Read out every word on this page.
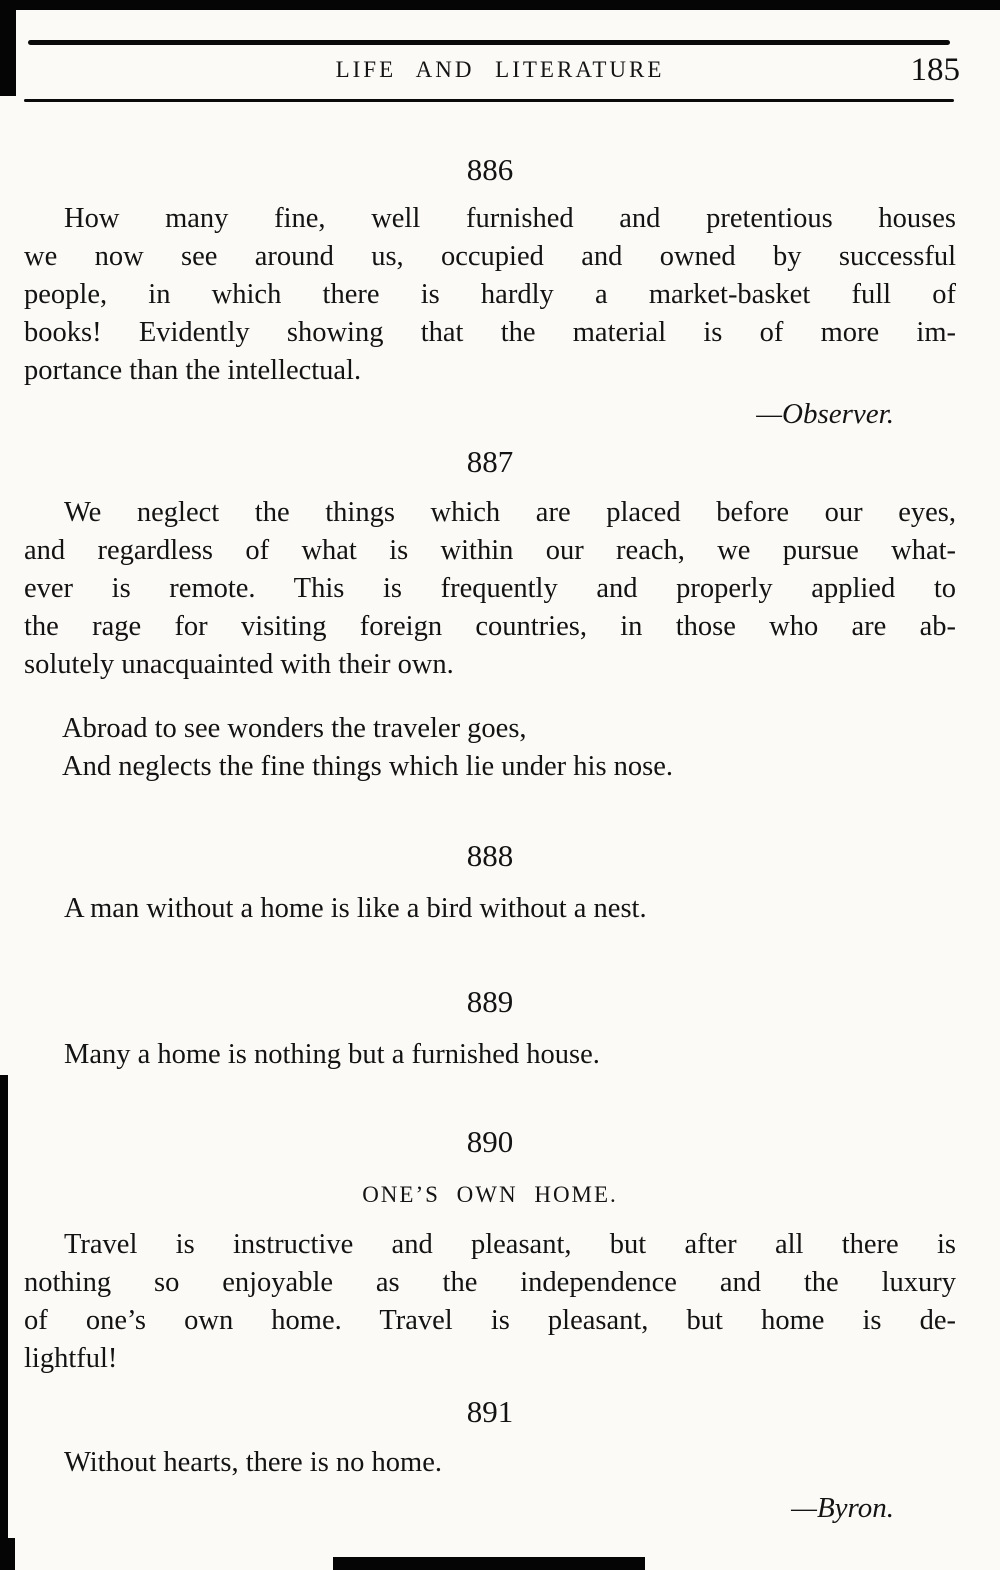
LIFE AND LITERATURE	185
886
How many fine, well furnished and pretentious houses
we now see around us, occupied and owned by successful
people, in which there is hardly a market-basket full of
books! Evidently showing that the material is of more im-
portance than the intellectual.
—Observer.
887
We neglect the things which are placed before our eyes,
and regardless of what is within our reach, we pursue what-
ever is remote. This is frequently and properly applied to
the rage for visiting foreign countries, in those who are ab-
solutely unacquainted with their own.
Abroad to see wonders the traveler goes,
And neglects the fine things which lie under his nose.
888
A man without a home is like a bird without a nest.
889
Many a home is nothing but a furnished house.
890
ONE’S OWN HOME.
Travel is instructive and pleasant, but after all there is
nothing so enjoyable as the independence and the luxury
of one’s own home. Travel is pleasant, but home is de-
lightful!
891
Without hearts, there is no home.
—Byron.
